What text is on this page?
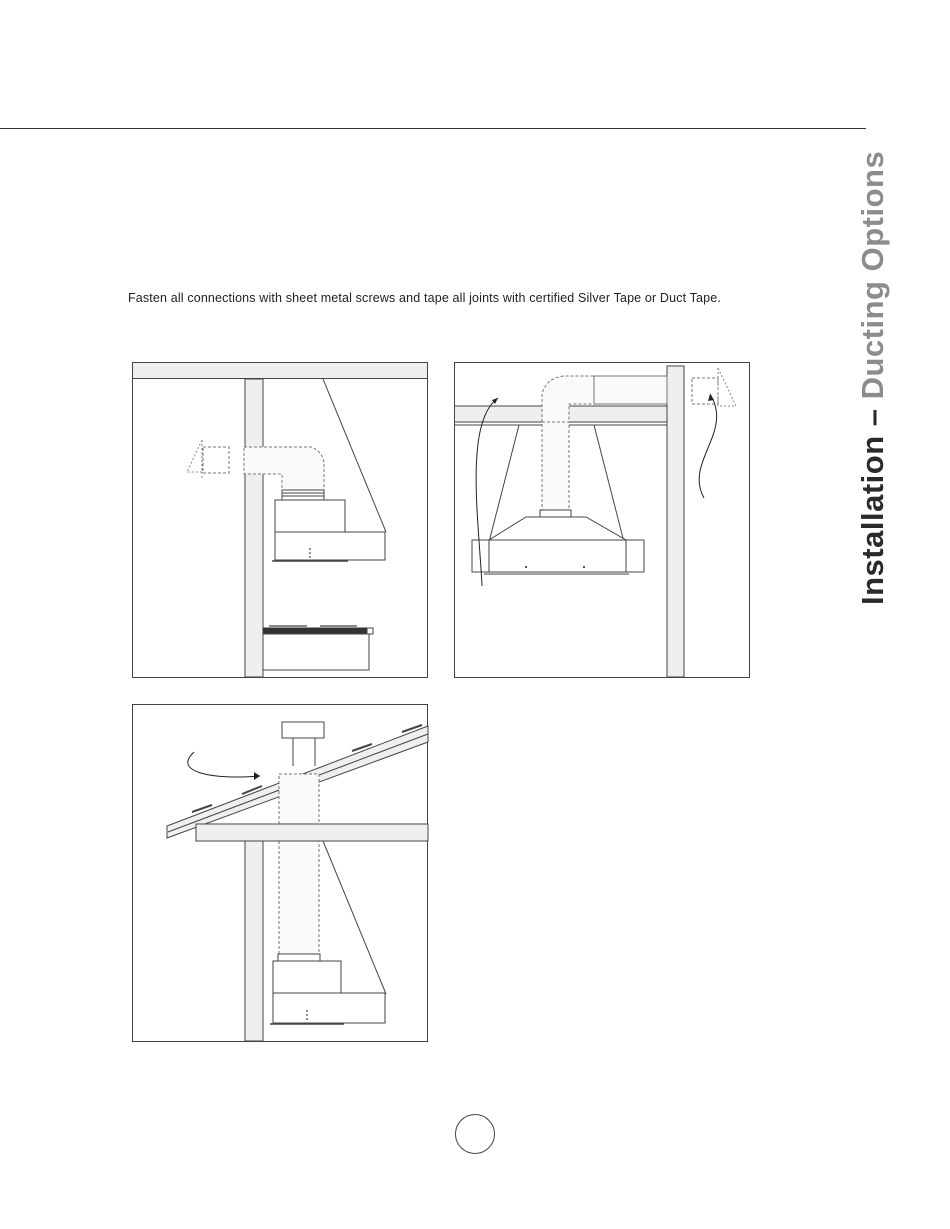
Installation – Ducting Options
Fasten all connections with sheet metal screws and tape all joints with certified Silver Tape or Duct Tape.
